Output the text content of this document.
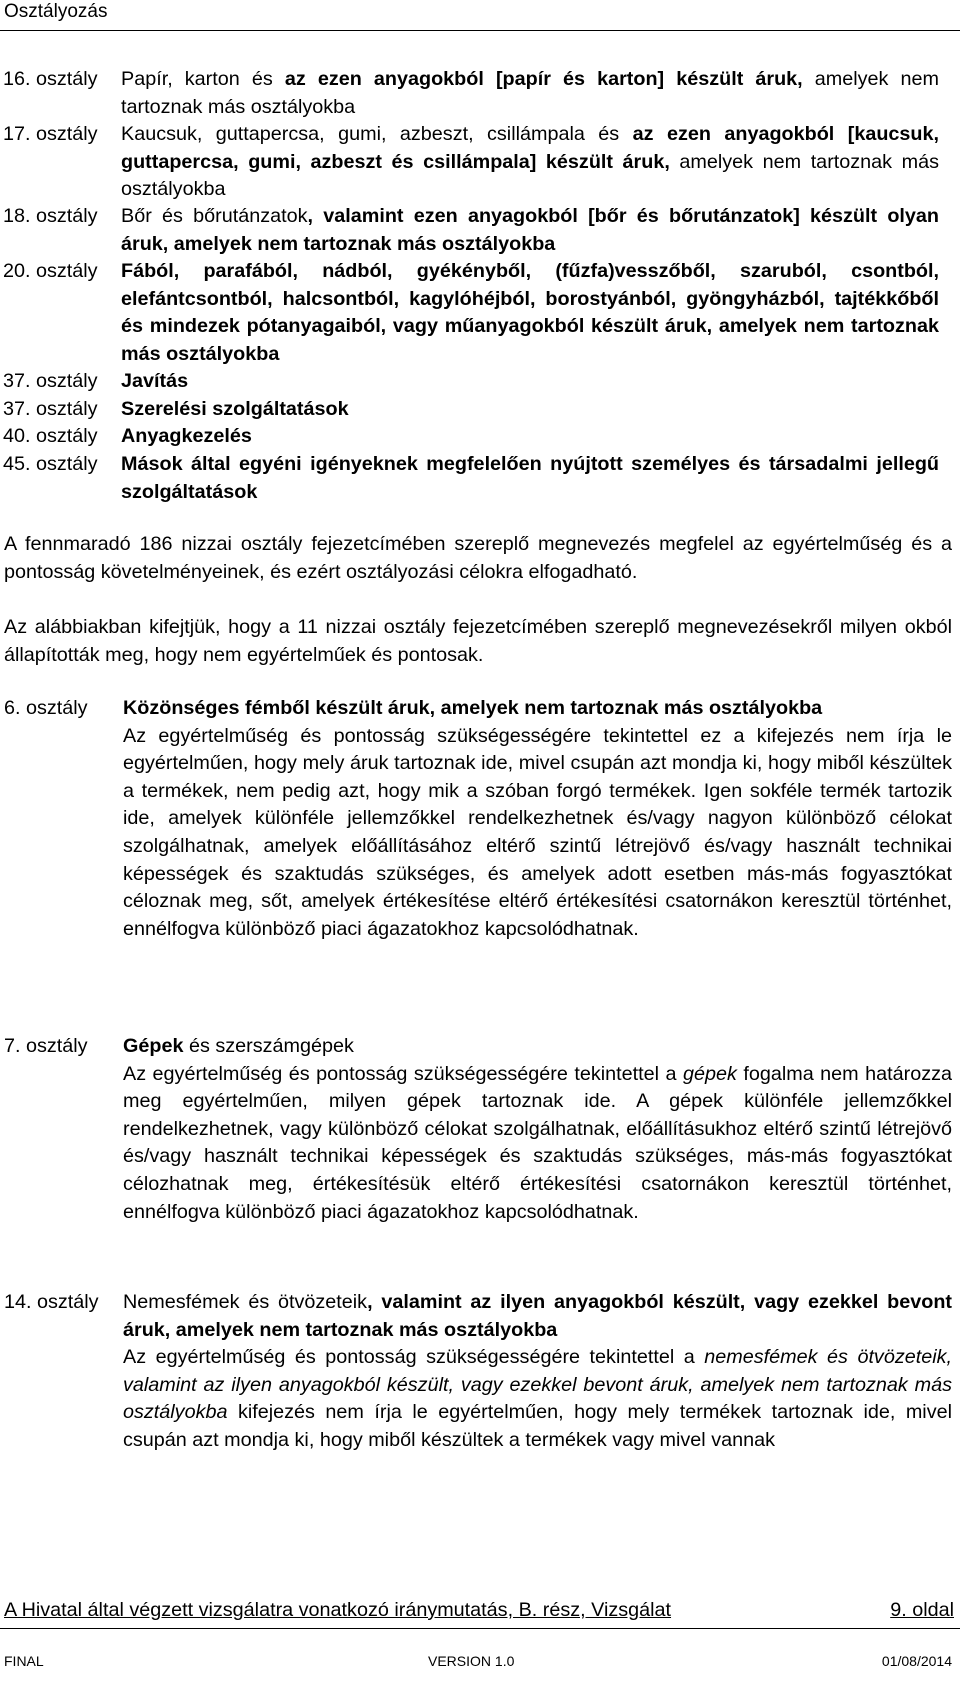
Osztályozás
16. osztály Papír, karton és az ezen anyagokból [papír és karton] készült áruk, amelyek nem tartoznak más osztályokba
17. osztály Kaucsuk, guttapercsa, gumi, azbeszt, csillámpala és az ezen anyagokból [kaucsuk, guttapercsa, gumi, azbeszt és csillámpala] készült áruk, amelyek nem tartoznak más osztályokba
18. osztály Bőr és bőrutánzatok, valamint ezen anyagokból [bőr és bőrutánzatok] készült olyan áruk, amelyek nem tartoznak más osztályokba
20. osztály Fából, parafából, nádból, gyékényből, (fűzfa)vesszőből, szaruból, csontból, elefántcsontból, halcsontból, kagylóhéjból, borostyánból, gyöngyházból, tajtékkőből és mindezek pótanyagaiból, vagy műanyagokból készült áruk, amelyek nem tartoznak más osztályokba
37. osztály Javítás
37. osztály Szerelési szolgáltatások
40. osztály Anyagkezelés
45. osztály Mások által egyéni igényeknek megfelelően nyújtott személyes és társadalmi jellegű szolgáltatások
A fennmaradó 186 nizzai osztály fejezetcímében szereplő megnevezés megfelel az egyértelműség és a pontosság követelményeinek, és ezért osztályozási célokra elfogadható.
Az alábbiakban kifejtjük, hogy a 11 nizzai osztály fejezetcímében szereplő megnevezésekről milyen okból állapították meg, hogy nem egyértelműek és pontosak.
6. osztály Közönséges fémből készült áruk, amelyek nem tartoznak más osztályokba
Az egyértelműség és pontosság szükségességére tekintettel ez a kifejezés nem írja le egyértelműen, hogy mely áruk tartoznak ide, mivel csupán azt mondja ki, hogy miből készültek a termékek, nem pedig azt, hogy mik a szóban forgó termékek. Igen sokféle termék tartozik ide, amelyek különféle jellemzőkkel rendelkezhetnek és/vagy nagyon különböző célokat szolgálhatnak, amelyek előállításához eltérő szintű létrejövő és/vagy használt technikai képességek és szaktudás szükséges, és amelyek adott esetben más-más fogyasztókat céloznak meg, sőt, amelyek értékesítése eltérő értékesítési csatornákon keresztül történhet, ennélfogva különböző piaci ágazatokhoz kapcsolódhatnak.
7. osztály Gépek és szerszámgépek
Az egyértelműség és pontosság szükségességére tekintettel a gépek fogalma nem határozza meg egyértelműen, milyen gépek tartoznak ide. A gépek különféle jellemzőkkel rendelkezhetnek, vagy különböző célokat szolgálhatnak, előállításukhoz eltérő szintű létrejövő és/vagy használt technikai képességek és szaktudás szükséges, más-más fogyasztókat célozhatnak meg, értékesítésük eltérő értékesítési csatornákon keresztül történhet, ennélfogva különböző piaci ágazatokhoz kapcsolódhatnak.
14. osztály Nemesfémek és ötvözeteik, valamint az ilyen anyagokból készült, vagy ezekkel bevont áruk, amelyek nem tartoznak más osztályokba
Az egyértelműség és pontosság szükségességére tekintettel a nemesfémek és ötvözeteik, valamint az ilyen anyagokból készült, vagy ezekkel bevont áruk, amelyek nem tartoznak más osztályokba kifejezés nem írja le egyértelműen, hogy mely termékek tartoznak ide, mivel csupán azt mondja ki, hogy miből készültek a termékek vagy mivel vannak
A Hivatal által végzett vizsgálatra vonatkozó iránymutatás, B. rész, Vizsgálat	9. oldal
FINAL	VERSION 1.0	01/08/2014
